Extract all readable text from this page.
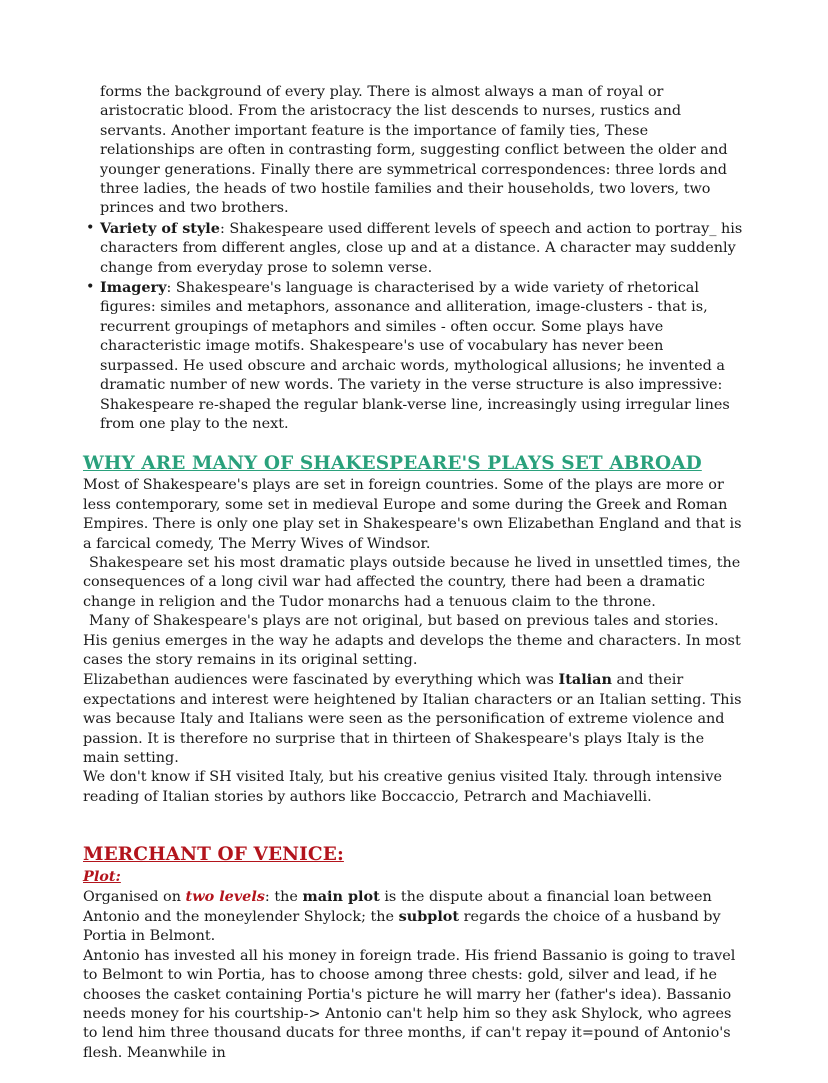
forms the background of every play. There is almost always a man of royal or aristocratic blood. From the aristocracy the list descends to nurses, rustics and servants. Another important feature is the importance of family ties, These relationships are often in contrasting form, suggesting conflict between the older and younger generations. Finally there are symmetrical correspondences: three lords and three ladies, the heads of two hostile families and their households, two lovers, two princes and two brothers.

• Variety of style: Shakespeare used different levels of speech and action to portray_ his characters from different angles, close up and at a distance. A character may suddenly change from everyday prose to solemn verse.
• Imagery: Shakespeare's language is characterised by a wide variety of rhetorical figures: similes and metaphors, assonance and alliteration, image-clusters - that is, recurrent groupings of metaphors and similes - often occur. Some plays have characteristic image motifs. Shakespeare's use of vocabulary has never been surpassed. He used obscure and archaic words, mythological allusions; he invented a dramatic number of new words. The variety in the verse structure is also impressive: Shakespeare re-shaped the regular blank-verse line, increasingly using irregular lines from one play to the next.
WHY ARE MANY OF SHAKESPEARE'S PLAYS SET ABROAD

Most of Shakespeare's plays are set in foreign countries. Some of the plays are more or less contemporary, some set in medieval Europe and some during the Greek and Roman Empires. There is only one play set in Shakespeare's own Elizabethan England and that is a farcical comedy, The Merry Wives of Windsor.

Shakespeare set his most dramatic plays outside because he lived in unsettled times, the consequences of a long civil war had affected the country, there had been a dramatic change in religion and the Tudor monarchs had a tenuous claim to the throne.

Many of Shakespeare's plays are not original, but based on previous tales and stories. His genius emerges in the way he adapts and develops the theme and characters. In most cases the story remains in its original setting.

Elizabethan audiences were fascinated by everything which was Italian and their expectations and interest were heightened by Italian characters or an Italian setting. This was because Italy and Italians were seen as the personification of extreme violence and passion. It is therefore no surprise that in thirteen of Shakespeare's plays Italy is the main setting.

We don't know if SH visited Italy, but his creative genius visited Italy. through intensive reading of Italian stories by authors like Boccaccio, Petrarch and Machiavelli.

MERCHANT OF VENICE:
Plot:

Organised on two levels: the main plot is the dispute about a financial loan between Antonio and the moneylender Shylock; the subplot regards the choice of a husband by Portia in Belmont.

Antonio has invested all his money in foreign trade. His friend Bassanio is going to travel to Belmont to win Portia, has to choose among three chests: gold, silver and lead, if he chooses the casket containing Portia's picture he will marry her (father's idea). Bassanio needs money for his courtship-> Antonio can't help him so they ask Shylock, who agrees to lend him three thousand ducats for three months, if can't repay it=pound of Antonio's flesh. Meanwhile in
